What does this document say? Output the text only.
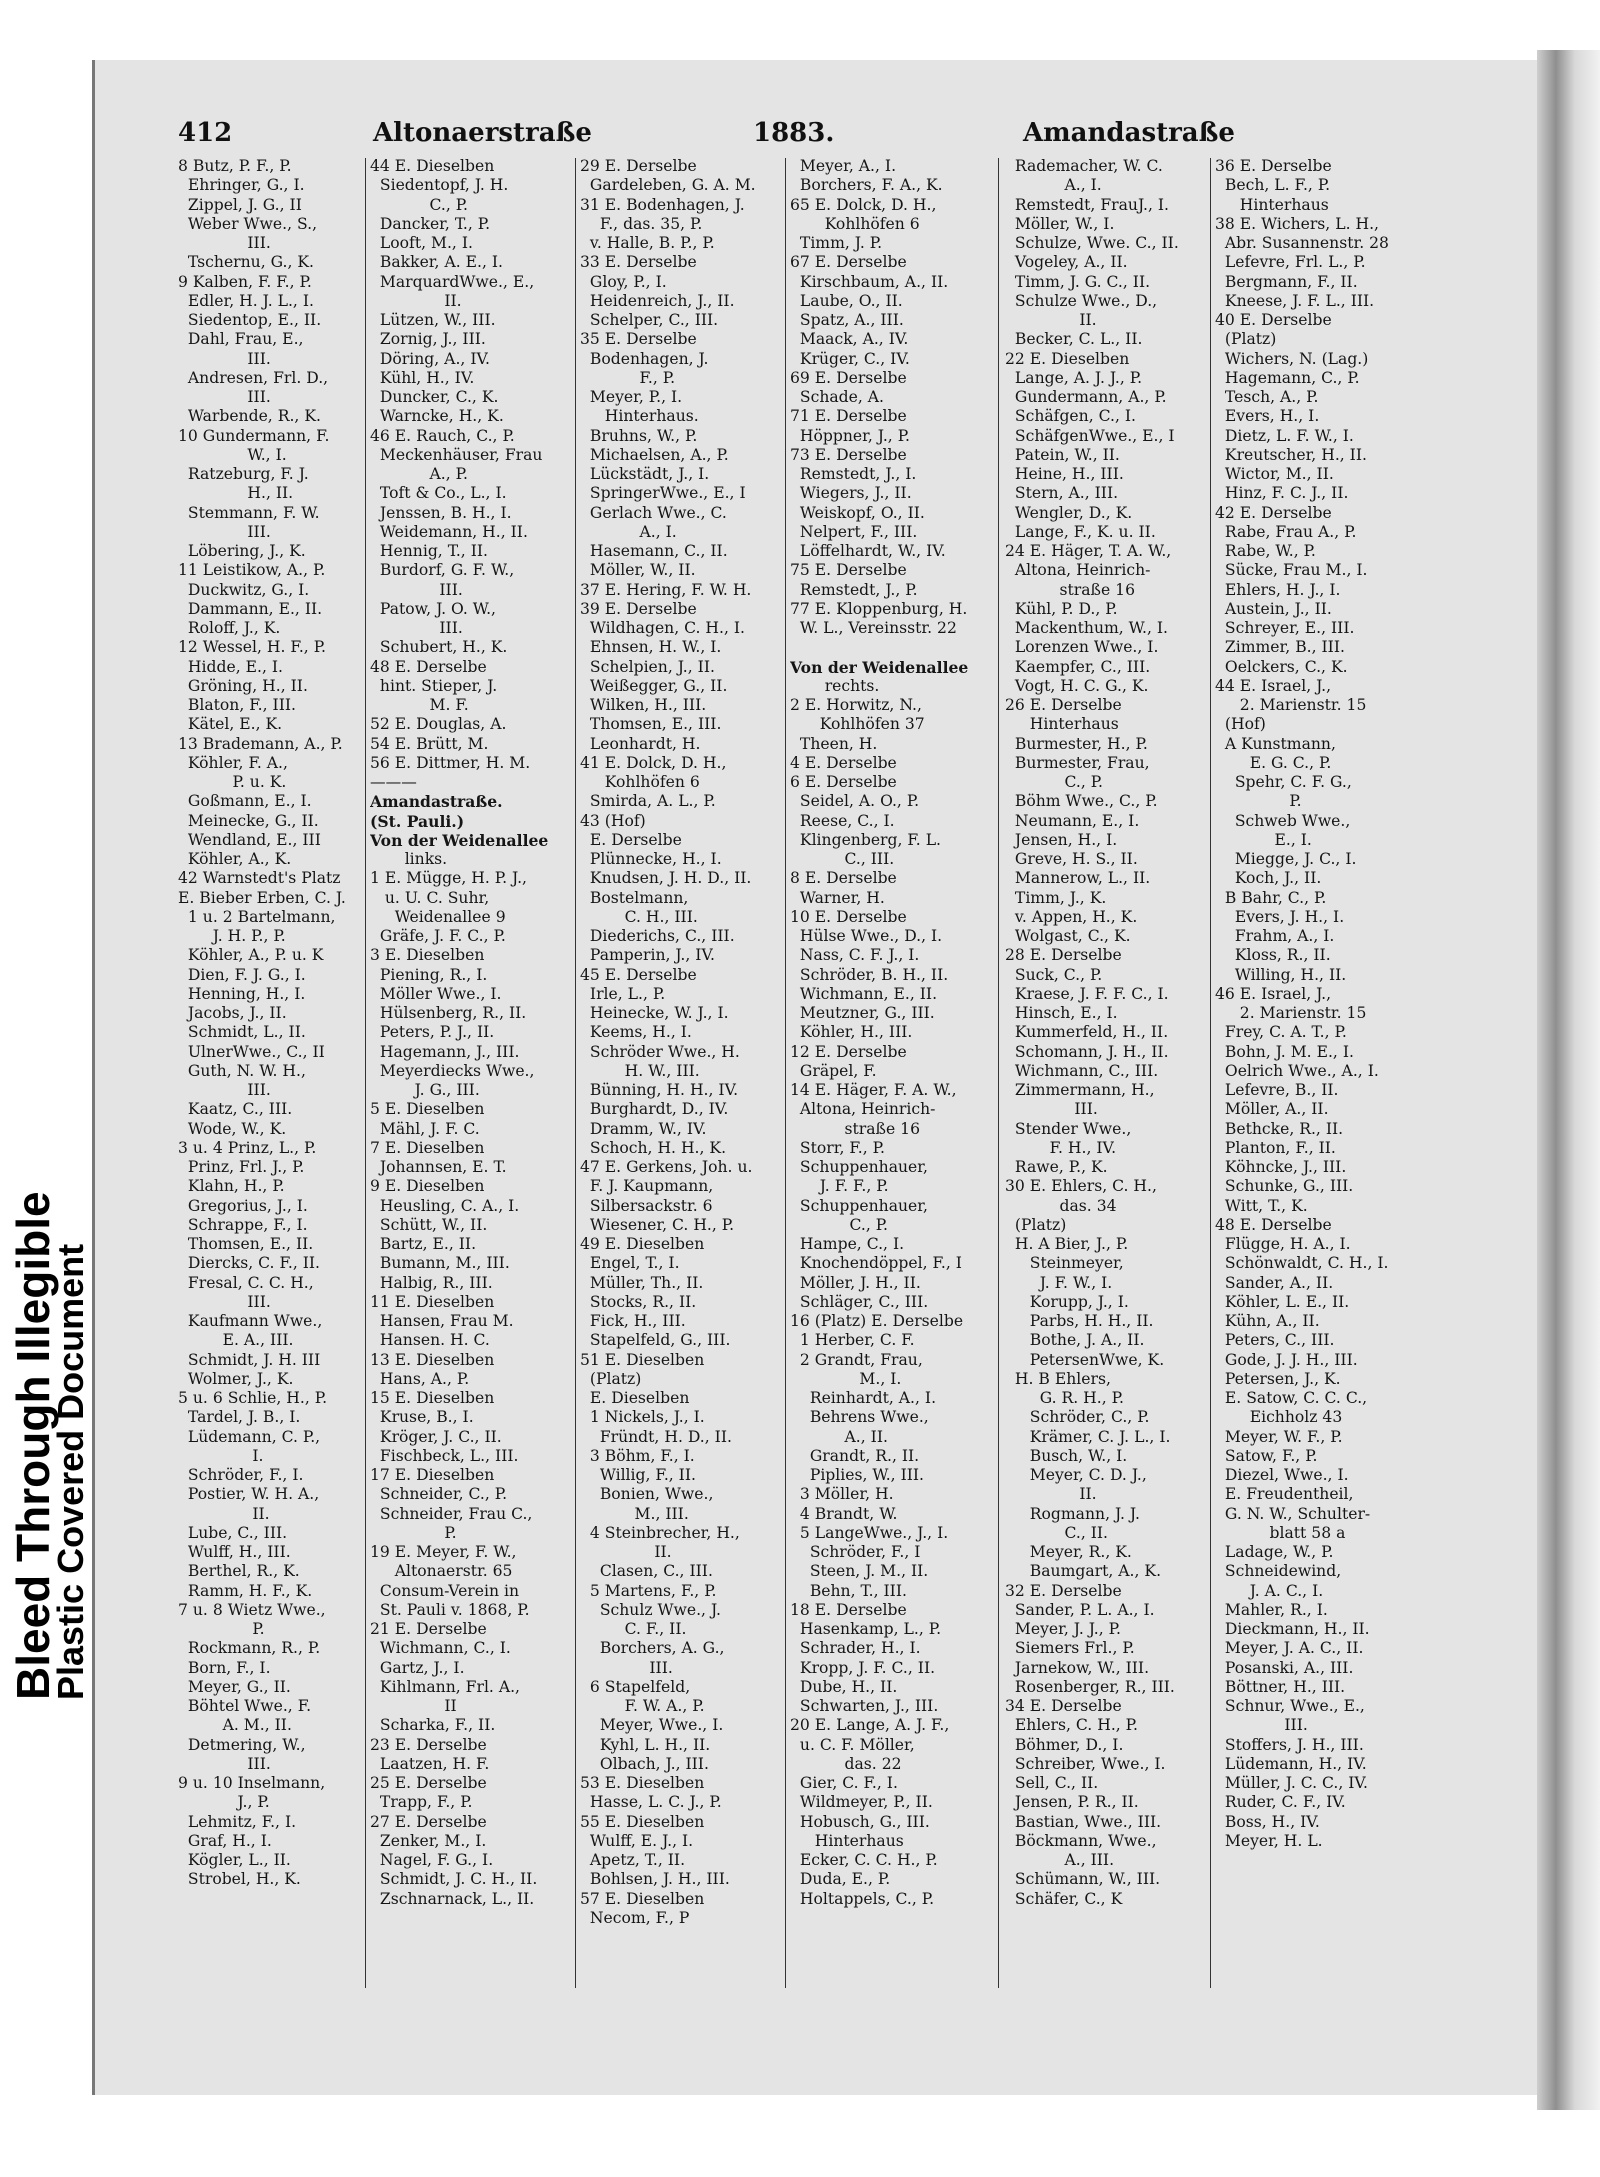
Bleed Through Illegible
Plastic Covered Document
412	Altonaerstraße	1883.	Amandastraße
8 Butz, P. F., P.
Ehringer, G., I.
Zippel, J. G., II
Weber Wwe., S.,
III.
Tschernu, G., K.
9 Kalben, F. F., P.
Edler, H. J. L., I.
Siedentop, E., II.
Dahl, Frau, E.,
III.
Andresen, Frl. D.,
III.
Warbende, R., K.
10 Gundermann, F.
W., I.
Ratzeburg, F. J.
H., II.
Stemmann, F. W.
III.
Löbering, J., K.
11 Leistikow, A., P.
Duckwitz, G., I.
Dammann, E., II.
Roloff, J., K.
12 Wessel, H. F., P.
Hidde, E., I.
Gröning, H., II.
Blaton, F., III.
Kätel, E., K.
13 Brademann, A., P.
Köhler, F. A.,
P. u. K.
Goßmann, E., I.
Meinecke, G., II.
Wendland, E., III
Köhler, A., K.
42 Warnstedt's Platz
E. Bieber Erben, C. J.
1 u. 2 Bartelmann,
J. H. P., P.
Köhler, A., P. u. K
Dien, F. J. G., I.
Henning, H., I.
Jacobs, J., II.
Schmidt, L., II.
UlnerWwe., C., II
Guth, N. W. H.,
III.
Kaatz, C., III.
Wode, W., K.
3 u. 4 Prinz, L., P.
Prinz, Frl. J., P.
Klahn, H., P.
Gregorius, J., I.
Schrappe, F., I.
Thomsen, E., II.
Diercks, C. F., II.
Fresal, C. C. H.,
III.
Kaufmann Wwe.,
E. A., III.
Schmidt, J. H. III
Wolmer, J., K.
5 u. 6 Schlie, H., P.
Tardel, J. B., I.
Lüdemann, C. P.,
I.
Schröder, F., I.
Postier, W. H. A.,
II.
Lube, C., III.
Wulff, H., III.
Berthel, R., K.
Ramm, H. F., K.
7 u. 8 Wietz Wwe.,
P.
Rockmann, R., P.
Born, F., I.
Meyer, G., II.
Böhtel Wwe., F.
A. M., II.
Detmering, W.,
III.
9 u. 10 Inselmann,
J., P.
Lehmitz, F., I.
Graf, H., I.
Kögler, L., II.
Strobel, H., K.
44 E. Dieselben
Siedentopf, J. H.
C., P.
Dancker, T., P.
Looft, M., I.
Bakker, A. E., I.
MarquardWwe., E.,
II.
Lützen, W., III.
Zornig, J., III.
Döring, A., IV.
Kühl, H., IV.
Duncker, C., K.
Warncke, H., K.
46 E. Rauch, C., P.
Meckenhäuser, Frau
A., P.
Toft & Co., L., I.
Jenssen, B. H., I.
Weidemann, H., II.
Hennig, T., II.
Burdorf, G. F. W.,
III.
Patow, J. O. W.,
III.
Schubert, H., K.
48 E. Derselbe
hint. Stieper, J.
M. F.
52 E. Douglas, A.
54 E. Brütt, M.
56 E. Dittmer, H. M.
———
Amandastraße.
(St. Pauli.)
Von der Weidenallee
links.
1 E. Mügge, H. P. J.,
u. U. C. Suhr,
Weidenallee 9
Gräfe, J. F. C., P.
3 E. Dieselben
Piening, R., I.
Möller Wwe., I.
Hülsenberg, R., II.
Peters, P. J., II.
Hagemann, J., III.
Meyerdiecks Wwe.,
J. G., III.
5 E. Dieselben
Mähl, J. F. C.
7 E. Dieselben
Johannsen, E. T.
9 E. Dieselben
Heusling, C. A., I.
Schütt, W., II.
Bartz, E., II.
Bumann, M., III.
Halbig, R., III.
11 E. Dieselben
Hansen, Frau M.
Hansen. H. C.
13 E. Dieselben
Hans, A., P.
15 E. Dieselben
Kruse, B., I.
Kröger, J. C., II.
Fischbeck, L., III.
17 E. Dieselben
Schneider, C., P.
Schneider, Frau C.,
P.
19 E. Meyer, F. W.,
Altonaerstr. 65
Consum-Verein in
St. Pauli v. 1868, P.
21 E. Derselbe
Wichmann, C., I.
Gartz, J., I.
Kihlmann, Frl. A.,
II
Scharka, F., II.
23 E. Derselbe
Laatzen, H. F.
25 E. Derselbe
Trapp, F., P.
27 E. Derselbe
Zenker, M., I.
Nagel, F. G., I.
Schmidt, J. C. H., II.
Zschnarnack, L., II.
29 E. Derselbe
Gardeleben, G. A. M.
31 E. Bodenhagen, J.
F., das. 35, P.
v. Halle, B. P., P.
33 E. Derselbe
Gloy, P., I.
Heidenreich, J., II.
Schelper, C., III.
35 E. Derselbe
Bodenhagen, J.
F., P.
Meyer, P., I.
Hinterhaus.
Bruhns, W., P.
Michaelsen, A., P.
Lückstädt, J., I.
SpringerWwe., E., I
Gerlach Wwe., C.
A., I.
Hasemann, C., II.
Möller, W., II.
37 E. Hering, F. W. H.
39 E. Derselbe
Wildhagen, C. H., I.
Ehnsen, H. W., I.
Schelpien, J., II.
Weißegger, G., II.
Wilken, H., III.
Thomsen, E., III.
Leonhardt, H.
41 E. Dolck, D. H.,
Kohlhöfen 6
Smirda, A. L., P.
43 (Hof)
E. Derselbe
Plünnecke, H., I.
Knudsen, J. H. D., II.
Bostelmann,
C. H., III.
Diederichs, C., III.
Pamperin, J., IV.
45 E. Derselbe
Irle, L., P.
Heinecke, W. J., I.
Keems, H., I.
Schröder Wwe., H.
H. W., III.
Bünning, H. H., IV.
Burghardt, D., IV.
Dramm, W., IV.
Schoch, H. H., K.
47 E. Gerkens, Joh. u.
F. J. Kaupmann,
Silbersackstr. 6
Wiesener, C. H., P.
49 E. Dieselben
Engel, T., I.
Müller, Th., II.
Stocks, R., II.
Fick, H., III.
Stapelfeld, G., III.
51 E. Dieselben
(Platz)
E. Dieselben
1 Nickels, J., I.
Fründt, H. D., II.
3 Böhm, F., I.
Willig, F., II.
Bonien, Wwe.,
M., III.
4 Steinbrecher, H.,
II.
Clasen, C., III.
5 Martens, F., P.
Schulz Wwe., J.
C. F., II.
Borchers, A. G.,
III.
6 Stapelfeld,
F. W. A., P.
Meyer, Wwe., I.
Kyhl, L. H., II.
Olbach, J., III.
53 E. Dieselben
Hasse, L. C. J., P.
55 E. Dieselben
Wulff, E. J., I.
Apetz, T., II.
Bohlsen, J. H., III.
57 E. Dieselben
Necom, F., P
Meyer, A., I.
Borchers, F. A., K.
65 E. Dolck, D. H.,
Kohlhöfen 6
Timm, J. P.
67 E. Derselbe
Kirschbaum, A., II.
Laube, O., II.
Spatz, A., III.
Maack, A., IV.
Krüger, C., IV.
69 E. Derselbe
Schade, A.
71 E. Derselbe
Höppner, J., P.
73 E. Derselbe
Remstedt, J., I.
Wiegers, J., II.
Weiskopf, O., II.
Nelpert, F., III.
Löffelhardt, W., IV.
75 E. Derselbe
Remstedt, J., P.
77 E. Kloppenburg, H.
W. L., Vereinsstr. 22
Von der Weidenallee
rechts.
2 E. Horwitz, N.,
Kohlhöfen 37
Theen, H.
4 E. Derselbe
6 E. Derselbe
Seidel, A. O., P.
Reese, C., I.
Klingenberg, F. L.
C., III.
8 E. Derselbe
Warner, H.
10 E. Derselbe
Hülse Wwe., D., I.
Nass, C. F. J., I.
Schröder, B. H., II.
Wichmann, E., II.
Meutzner, G., III.
Köhler, H., III.
12 E. Derselbe
Gräpel, F.
14 E. Häger, F. A. W.,
Altona, Heinrich-
straße 16
Storr, F., P.
Schuppenhauer,
J. F. F., P.
Schuppenhauer,
C., P.
Hampe, C., I.
Knochendöppel, F., I
Möller, J. H., II.
Schläger, C., III.
16 (Platz) E. Derselbe
1 Herber, C. F.
2 Grandt, Frau,
M., I.
Reinhardt, A., I.
Behrens Wwe.,
A., II.
Grandt, R., II.
Piplies, W., III.
3 Möller, H.
4 Brandt, W.
5 LangeWwe., J., I.
Schröder, F., I
Steen, J. M., II.
Behn, T., III.
18 E. Derselbe
Hasenkamp, L., P.
Schrader, H., I.
Kropp, J. F. C., II.
Dube, H., II.
Schwarten, J., III.
20 E. Lange, A. J. F.,
u. C. F. Möller,
das. 22
Gier, C. F., I.
Wildmeyer, P., II.
Hobusch, G., III.
Hinterhaus
Ecker, C. C. H., P.
Duda, E., P.
Holtappels, C., P.
Rademacher, W. C.
A., I.
Remstedt, FrauJ., I.
Möller, W., I.
Schulze, Wwe. C., II.
Vogeley, A., II.
Timm, J. G. C., II.
Schulze Wwe., D.,
II.
Becker, C. L., II.
22 E. Dieselben
Lange, A. J. J., P.
Gundermann, A., P.
Schäfgen, C., I.
SchäfgenWwe., E., I
Patein, W., II.
Heine, H., III.
Stern, A., III.
Wengler, D., K.
Lange, F., K. u. II.
24 E. Häger, T. A. W.,
Altona, Heinrich-
straße 16
Kühl, P. D., P.
Mackenthum, W., I.
Lorenzen Wwe., I.
Kaempfer, C., III.
Vogt, H. C. G., K.
26 E. Derselbe
Hinterhaus
Burmester, H., P.
Burmester, Frau,
C., P.
Böhm Wwe., C., P.
Neumann, E., I.
Jensen, H., I.
Greve, H. S., II.
Mannerow, L., II.
Timm, J., K.
v. Appen, H., K.
Wolgast, C., K.
28 E. Derselbe
Suck, C., P.
Kraese, J. F. F. C., I.
Hinsch, E., I.
Kummerfeld, H., II.
Schomann, J. H., II.
Wichmann, C., III.
Zimmermann, H.,
III.
Stender Wwe.,
F. H., IV.
Rawe, P., K.
30 E. Ehlers, C. H.,
das. 34
(Platz)
H. A Bier, J., P.
Steinmeyer,
J. F. W., I.
Korupp, J., I.
Parbs, H. H., II.
Bothe, J. A., II.
PetersenWwe, K.
H. B Ehlers,
G. R. H., P.
Schröder, C., P.
Krämer, C. J. L., I.
Busch, W., I.
Meyer, C. D. J.,
II.
Rogmann, J. J.
C., II.
Meyer, R., K.
Baumgart, A., K.
32 E. Derselbe
Sander, P. L. A., I.
Meyer, J. J., P.
Siemers Frl., P.
Jarnekow, W., III.
Rosenberger, R., III.
34 E. Derselbe
Ehlers, C. H., P.
Böhmer, D., I.
Schreiber, Wwe., I.
Sell, C., II.
Jensen, P. R., II.
Bastian, Wwe., III.
Böckmann, Wwe.,
A., III.
Schümann, W., III.
Schäfer, C., K
36 E. Derselbe
Bech, L. F., P.
Hinterhaus
38 E. Wichers, L. H.,
Abr. Susannenstr. 28
Lefevre, Frl. L., P.
Bergmann, F., II.
Kneese, J. F. L., III.
40 E. Derselbe
(Platz)
Wichers, N. (Lag.)
Hagemann, C., P.
Tesch, A., P.
Evers, H., I.
Dietz, L. F. W., I.
Kreutscher, H., II.
Wictor, M., II.
Hinz, F. C. J., II.
42 E. Derselbe
Rabe, Frau A., P.
Rabe, W., P.
Sücke, Frau M., I.
Ehlers, H. J., I.
Austein, J., II.
Schreyer, E., III.
Zimmer, B., III.
Oelckers, C., K.
44 E. Israel, J.,
2. Marienstr. 15
(Hof)
A Kunstmann,
E. G. C., P.
Spehr, C. F. G.,
P.
Schweb Wwe.,
E., I.
Miegge, J. C., I.
Koch, J., II.
B Bahr, C., P.
Evers, J. H., I.
Frahm, A., I.
Kloss, R., II.
Willing, H., II.
46 E. Israel, J.,
2. Marienstr. 15
Frey, C. A. T., P.
Bohn, J. M. E., I.
Oelrich Wwe., A., I.
Lefevre, B., II.
Möller, A., II.
Bethcke, R., II.
Planton, F., II.
Köhncke, J., III.
Schunke, G., III.
Witt, T., K.
48 E. Derselbe
Flügge, H. A., I.
Schönwaldt, C. H., I.
Sander, A., II.
Köhler, L. E., II.
Kühn, A., II.
Peters, C., III.
Gode, J. J. H., III.
Petersen, J., K.
E. Satow, C. C. C.,
Eichholz 43
Meyer, W. F., P.
Satow, F., P.
Diezel, Wwe., I.
E. Freudentheil,
G. N. W., Schulter-
blatt 58 a
Ladage, W., P.
Schneidewind,
J. A. C., I.
Mahler, R., I.
Dieckmann, H., II.
Meyer, J. A. C., II.
Posanski, A., III.
Böttner, H., III.
Schnur, Wwe., E.,
III.
Stoffers, J. H., III.
Lüdemann, H., IV.
Müller, J. C. C., IV.
Ruder, C. F., IV.
Boss, H., IV.
Meyer, H. L.
